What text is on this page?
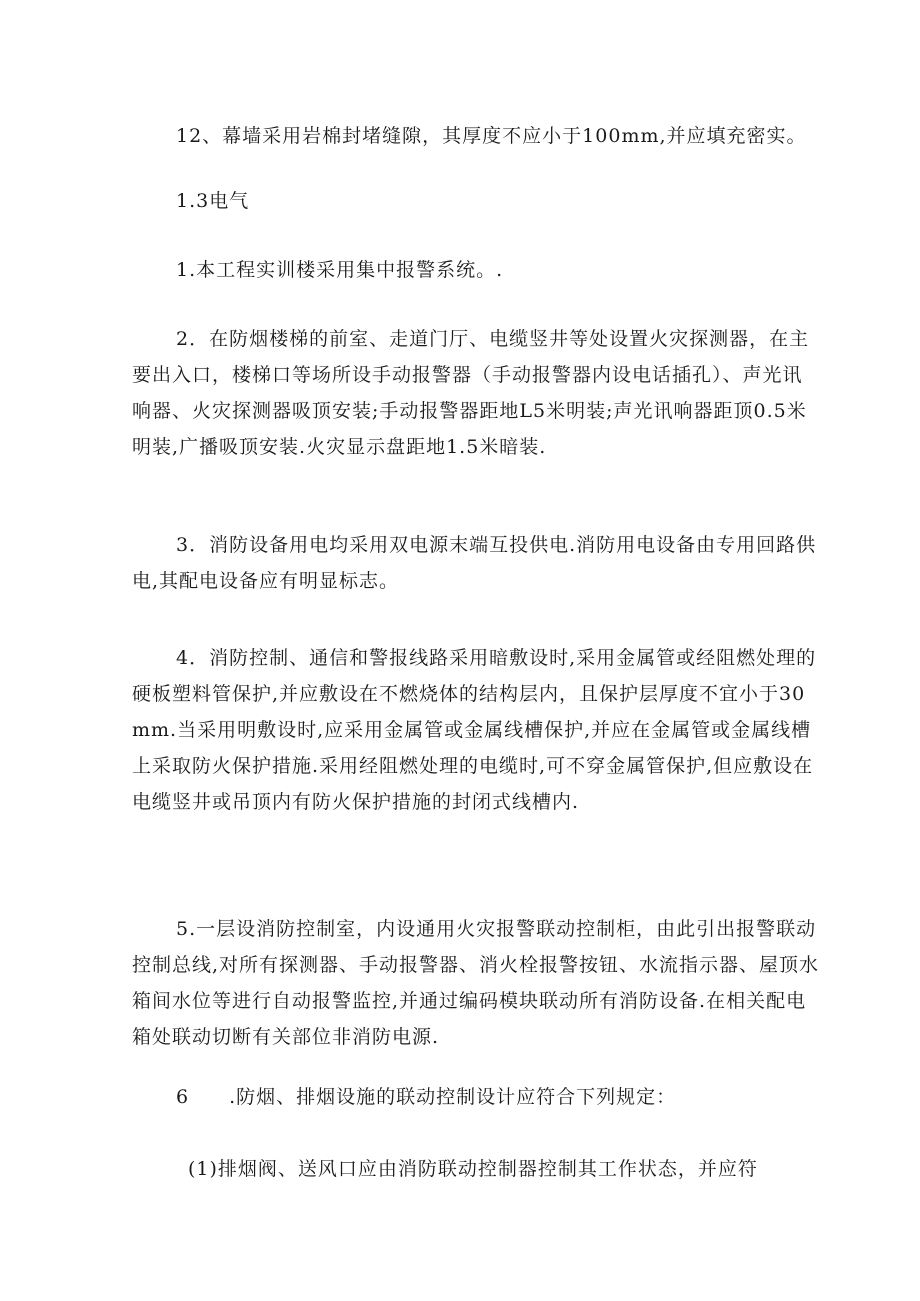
12、幕墙采用岩棉封堵缝隙，其厚度不应小于100mm,并应填充密实。
1.3电气
1.本工程实训楼采用集中报警系统。.
2．在防烟楼梯的前室、走道门厅、电缆竖井等处设置火灾探测器，在主要出入口，楼梯口等场所设手动报警器（手动报警器内设电话插孔）、声光讯响器、火灾探测器吸顶安装;手动报警器距地L5米明装;声光讯响器距顶0.5米明装,广播吸顶安装.火灾显示盘距地1.5米暗装.
3．消防设备用电均采用双电源末端互投供电.消防用电设备由专用回路供电,其配电设备应有明显标志。
4．消防控制、通信和警报线路采用暗敷设时,采用金属管或经阻燃处理的硬板塑料管保护,并应敷设在不燃烧体的结构层内，且保护层厚度不宜小于30mm.当采用明敷设时,应采用金属管或金属线槽保护,并应在金属管或金属线槽上采取防火保护措施.采用经阻燃处理的电缆时,可不穿金属管保护,但应敷设在电缆竖井或吊顶内有防火保护措施的封闭式线槽内.
5.一层设消防控制室，内设通用火灾报警联动控制柜，由此引出报警联动控制总线,对所有探测器、手动报警器、消火栓报警按钮、水流指示器、屋顶水箱间水位等进行自动报警监控,并通过编码模块联动所有消防设备.在相关配电箱处联动切断有关部位非消防电源.
6　　.防烟、排烟设施的联动控制设计应符合下列规定：
(1)排烟阀、送风口应由消防联动控制器控制其工作状态，并应符
